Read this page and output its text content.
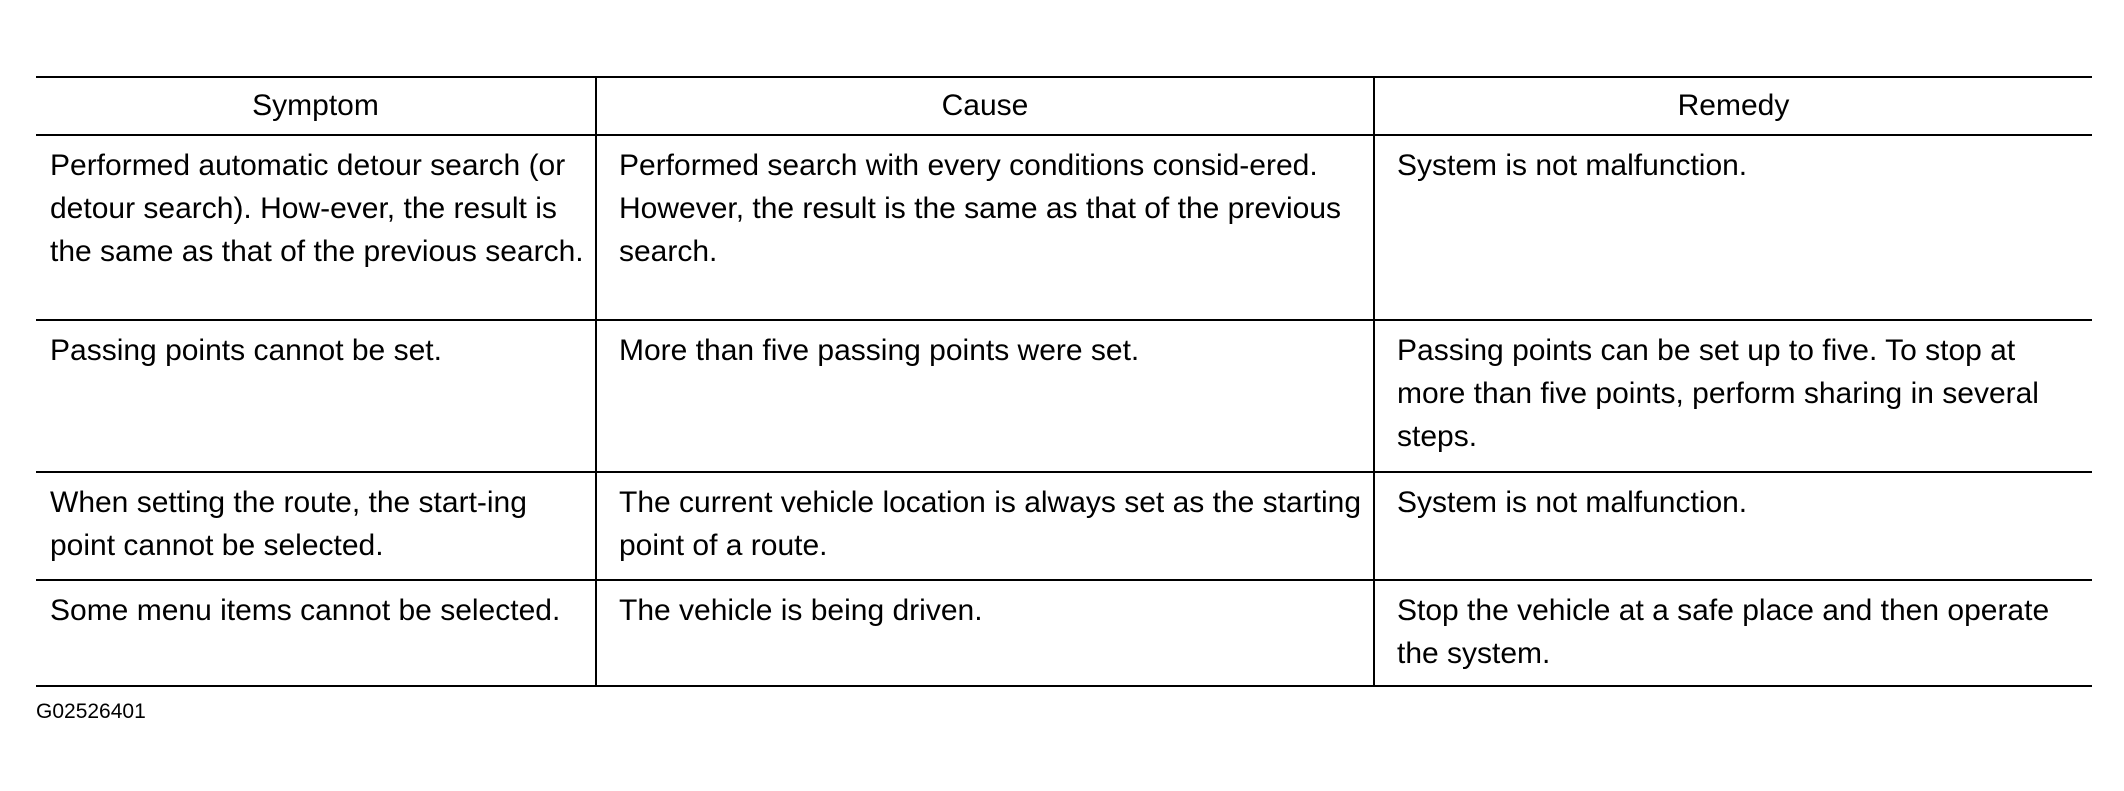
Symptom	Cause	Remedy
Performed automatic detour search (or detour search). How-ever, the result is the same as that of the previous search.	Performed search with every conditions consid-ered. However, the result is the same as that of the previous search.	System is not malfunction.
Passing points cannot be set.	More than five passing points were set.	Passing points can be set up to five. To stop at more than five points, perform sharing in several steps.
When setting the route, the start-ing point cannot be selected.	The current vehicle location is always set as the starting point of a route.	System is not malfunction.
Some menu items cannot be selected.	The vehicle is being driven.	Stop the vehicle at a safe place and then operate the system.
G02526401
